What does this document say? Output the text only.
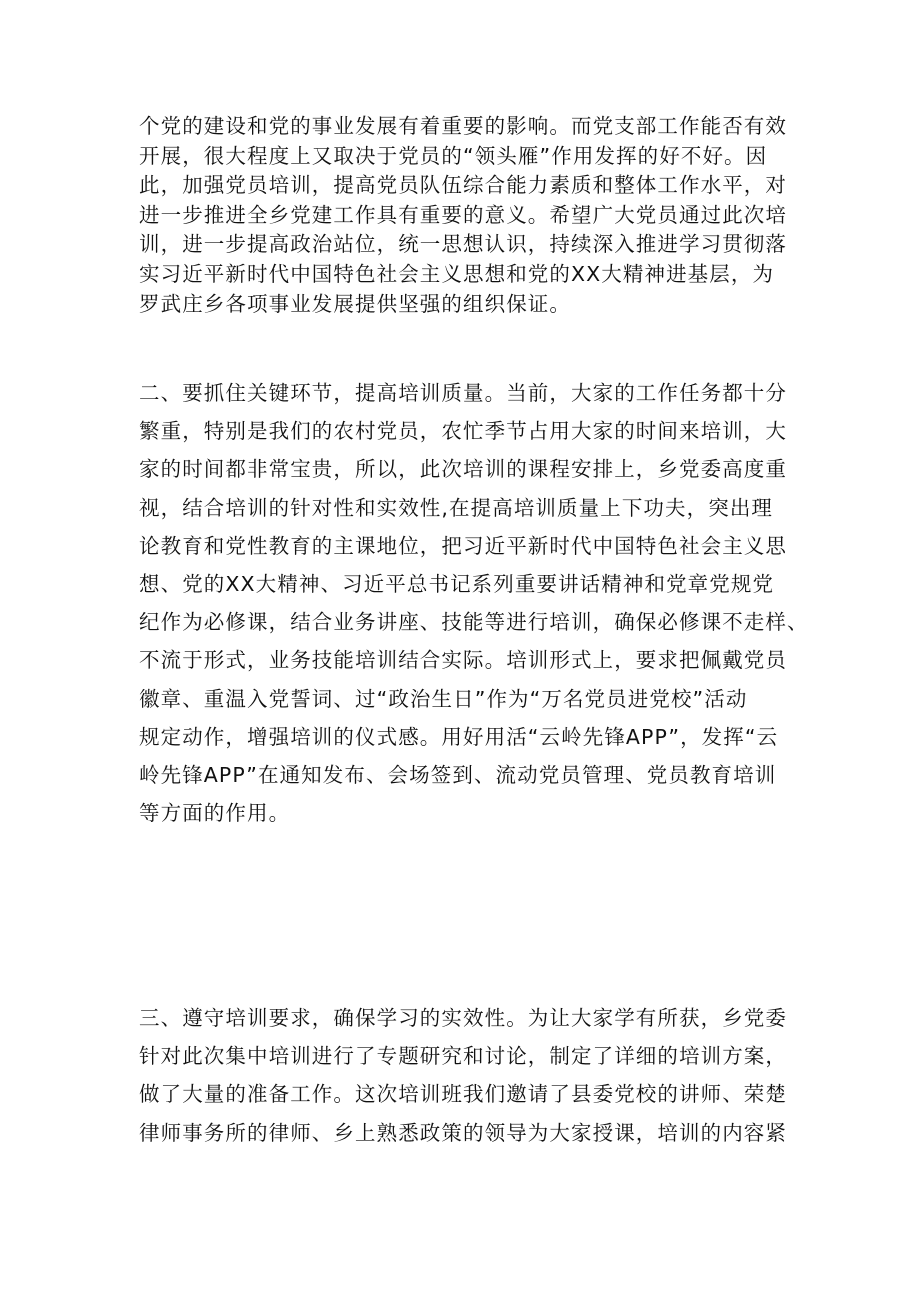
个党的建设和党的事业发展有着重要的影响。而党支部工作能否有效
开展，很大程度上又取决于党员的“领头雁”作用发挥的好不好。因
此，加强党员培训，提高党员队伍综合能力素质和整体工作水平，对
进一步推进全乡党建工作具有重要的意义。希望广大党员通过此次培
训，进一步提高政治站位，统一思想认识，持续深入推进学习贯彻落
实习近平新时代中国特色社会主义思想和党的XX大精神进基层，为
罗武庄乡各项事业发展提供坚强的组织保证。
二、要抓住关键环节，提高培训质量。当前，大家的工作任务都十分
繁重，特别是我们的农村党员，农忙季节占用大家的时间来培训，大
家的时间都非常宝贵，所以，此次培训的课程安排上，乡党委高度重
视，结合培训的针对性和实效性,在提高培训质量上下功夫，突出理
论教育和党性教育的主课地位，把习近平新时代中国特色社会主义思
想、党的XX大精神、习近平总书记系列重要讲话精神和党章党规党
纪作为必修课，结合业务讲座、技能等进行培训，确保必修课不走样、
不流于形式，业务技能培训结合实际。培训形式上，要求把佩戴党员
徽章、重温入党誓词、过“政治生日”作为“万名党员进党校”活动
规定动作，增强培训的仪式感。用好用活“云岭先锋APP”，发挥“云
岭先锋APP”在通知发布、会场签到、流动党员管理、党员教育培训
等方面的作用。
三、遵守培训要求，确保学习的实效性。为让大家学有所获，乡党委
针对此次集中培训进行了专题研究和讨论，制定了详细的培训方案，
做了大量的准备工作。这次培训班我们邀请了县委党校的讲师、荣楚
律师事务所的律师、乡上熟悉政策的领导为大家授课，培训的内容紧
